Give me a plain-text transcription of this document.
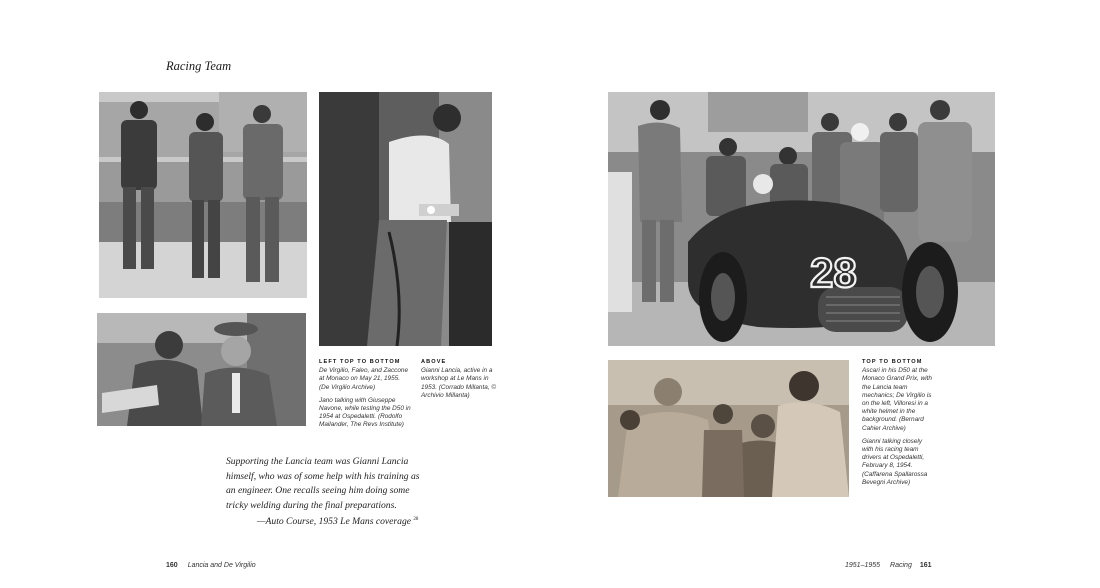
Racing Team
LEFT TOP TO BOTTOM

De Virgilio, Faleo, and Zaccone at Monaco on May 21, 1955. (De Virgilio Archive)

Jano talking with Giuseppe Navone, while testing the D50 in 1954 at Ospedaletti. (Rodolfo Mailander, The Revs Institute)

ABOVE

Gianni Lancia, active in a workshop at Le Mans in 1953. (Corrado Millanta, © Archivio Millanta)

Supporting the Lancia team was Gianni Lancia himself, who was of some help with his training as an engineer. One recalls seeing him doing some tricky welding during the final preparations.
—Auto Course, 1953 Le Mans coverage $^{28}$
160 Lancia and De Virgilio
28
TOP TO BOTTOM

Ascari in his D50 at the Monaco Grand Prix, with the Lancia team mechanics; De Virgilio is on the left, Villoresi in a white helmet in the background. (Bernard Cahier Archive)

Gianni talking closely with his racing team drivers at Ospedaletti, February 8, 1954. (Caffarena Spallarossa Bevegni Archive)

1951–1955 Racing 161
